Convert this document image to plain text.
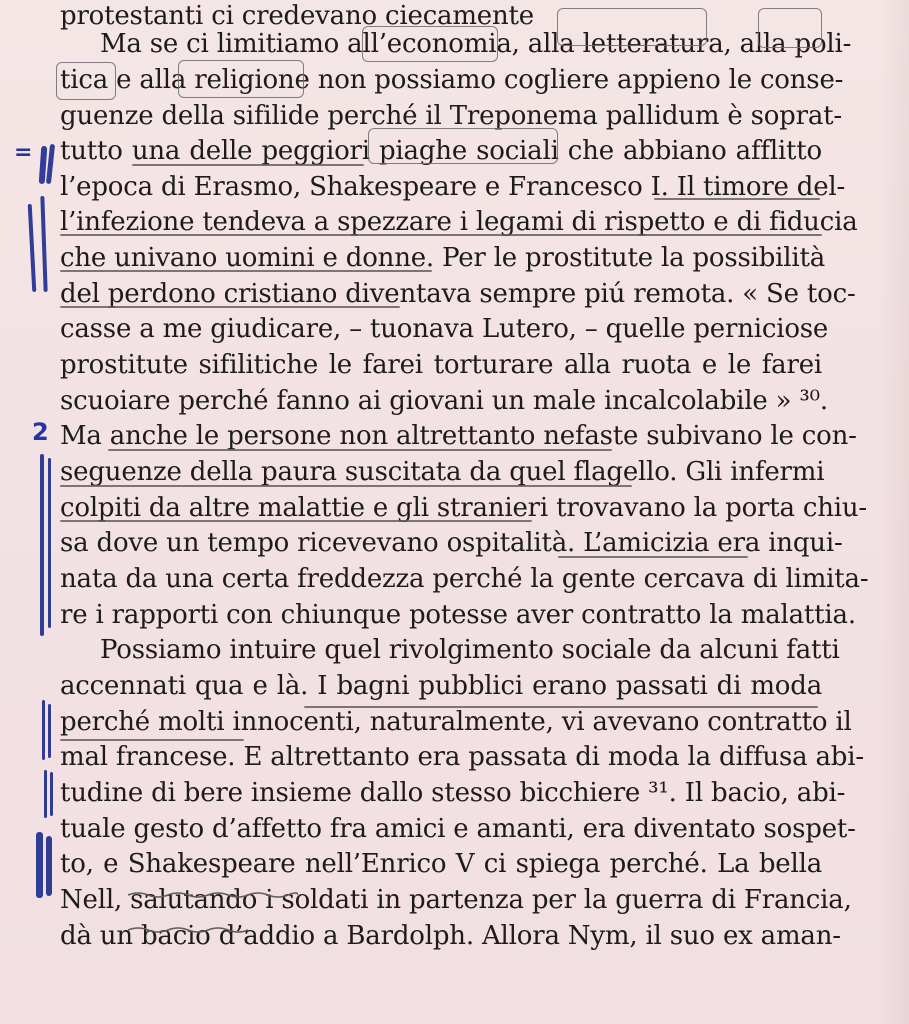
protestanti ci credevano ciecamente
Ma se ci limitiamo all’economia, alla letteratura, alla poli-
tica e alla religione non possiamo cogliere appieno le conse-
guenze della sifilide perché il Treponema pallidum è soprat-
tutto una delle peggiori piaghe sociali che abbiano afflitto
l’epoca di Erasmo, Shakespeare e Francesco I. Il timore del-
l’infezione tendeva a spezzare i legami di rispetto e di fiducia
che univano uomini e donne. Per le prostitute la possibilità
del perdono cristiano diventava sempre piú remota. « Se toc-
casse a me giudicare, – tuonava Lutero, – quelle perniciose
prostitute sifilitiche le farei torturare alla ruota e le farei
scuoiare perché fanno ai giovani un male incalcolabile » ³⁰.
Ma anche le persone non altrettanto nefaste subivano le con-
seguenze della paura suscitata da quel flagello. Gli infermi
colpiti da altre malattie e gli stranieri trovavano la porta chiu-
sa dove un tempo ricevevano ospitalità. L’amicizia era inqui-
nata da una certa freddezza perché la gente cercava di limita-
re i rapporti con chiunque potesse aver contratto la malattia.
Possiamo intuire quel rivolgimento sociale da alcuni fatti
accennati qua e là. I bagni pubblici erano passati di moda
perché molti innocenti, naturalmente, vi avevano contratto il
mal francese. E altrettanto era passata di moda la diffusa abi-
tudine di bere insieme dallo stesso bicchiere ³¹. Il bacio, abi-
tuale gesto d’affetto fra amici e amanti, era diventato sospet-
to, e Shakespeare nell’Enrico V ci spiega perché. La bella
Nell, salutando i soldati in partenza per la guerra di Francia,
dà un bacio d’addio a Bardolph. Allora Nym, il suo ex aman-
=
2
